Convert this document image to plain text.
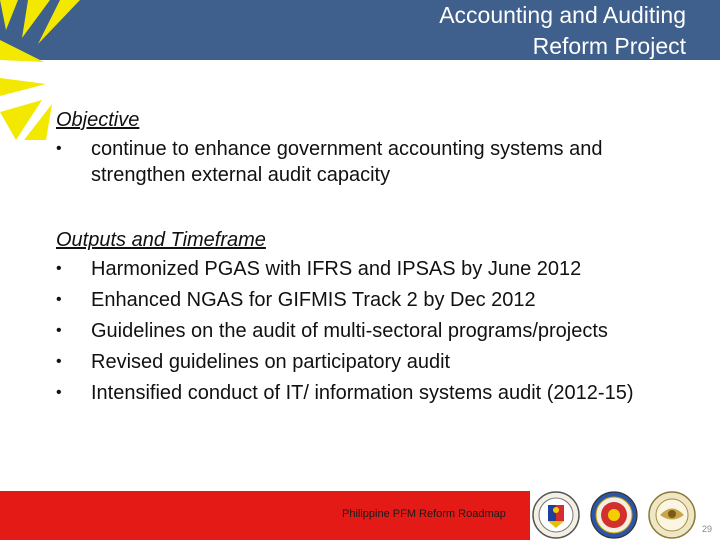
Accounting and Auditing
Reform Project

Objective

•	continue to enhance government accounting systems and strengthen external audit capacity

Outputs and Timeframe

•	Harmonized PGAS with IFRS and IPSAS by June 2012
•	Enhanced NGAS for GIFMIS Track 2 by Dec 2012
•	Guidelines on the audit of multi-sectoral programs/projects
•	Revised guidelines on participatory audit
•	Intensified conduct of IT/ information systems audit (2012-15)
Philippine PFM Reform Roadmap
29
